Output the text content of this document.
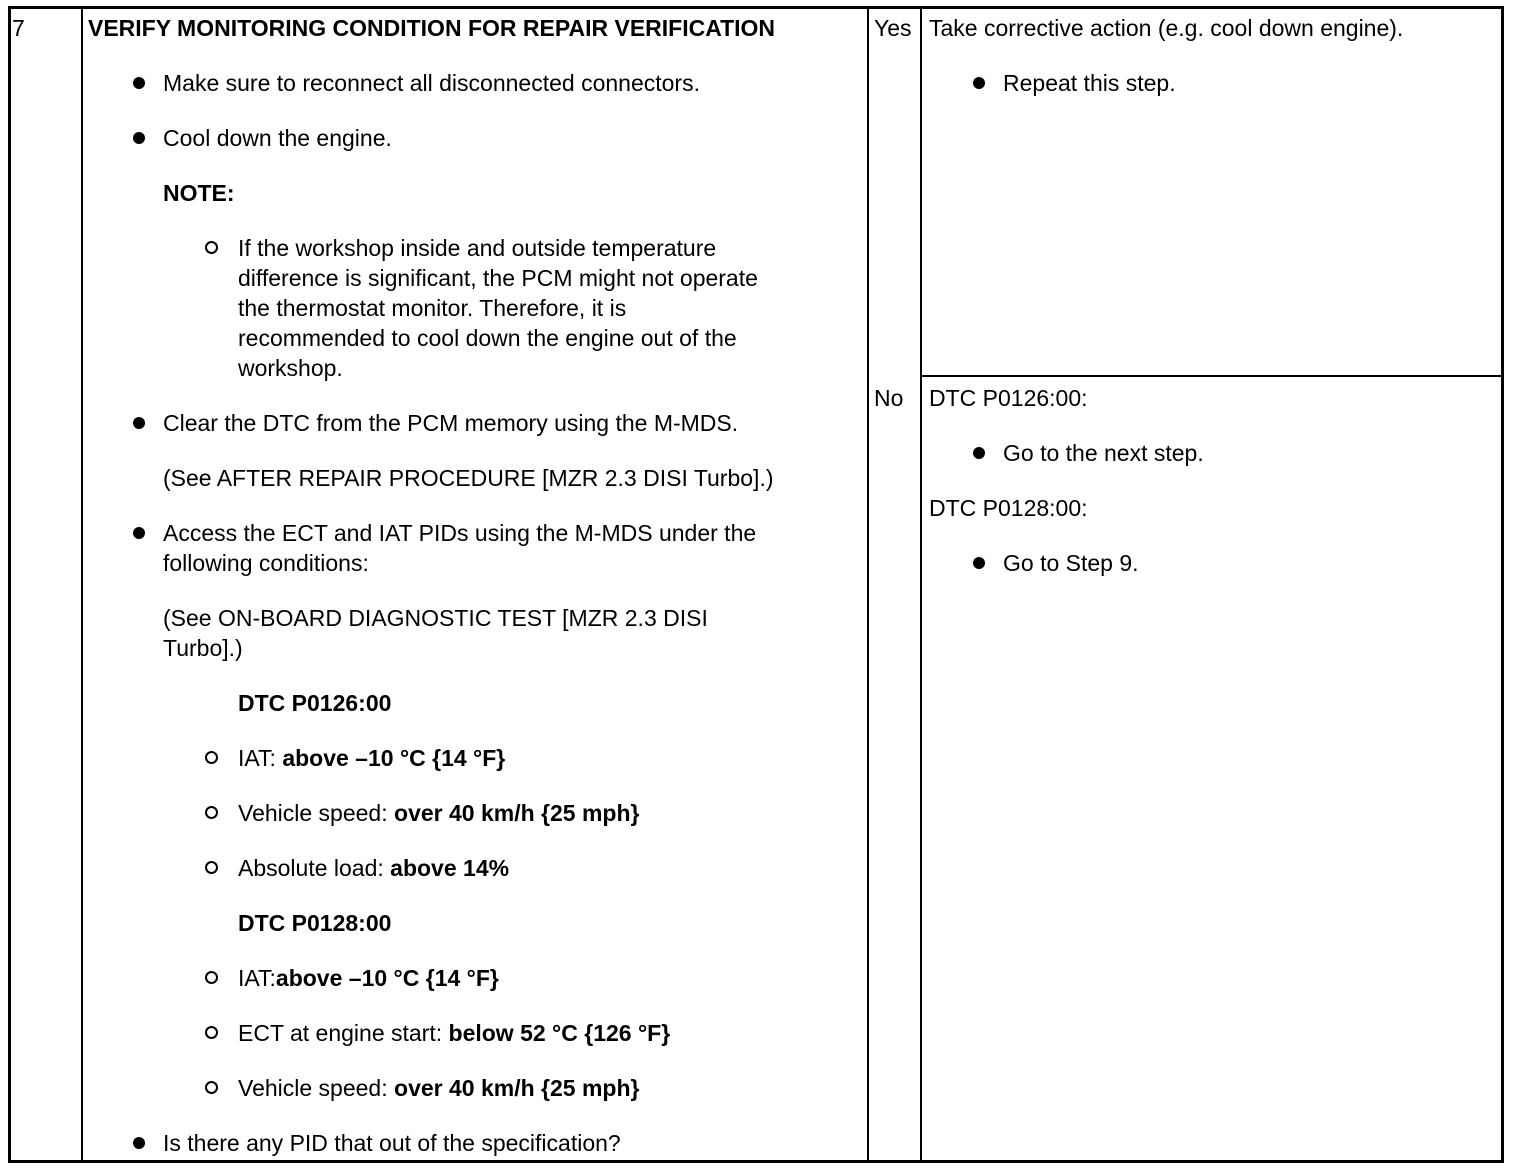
7	VERIFY MONITORING CONDITION FOR REPAIR VERIFICATION
Make sure to reconnect all disconnected connectors.
Cool down the engine.
NOTE:
If the workshop inside and outside temperature
difference is significant, the PCM might not operate
the thermostat monitor. Therefore, it is
recommended to cool down the engine out of the
workshop.
Clear the DTC from the PCM memory using the M-MDS.
(See AFTER REPAIR PROCEDURE [MZR 2.3 DISI Turbo].)
Access the ECT and IAT PIDs using the M-MDS under the
following conditions:
(See ON-BOARD DIAGNOSTIC TEST [MZR 2.3 DISI
Turbo].)
DTC P0126:00
IAT: above –10 °C {14 °F}
Vehicle speed: over 40 km/h {25 mph}
Absolute load: above 14%
DTC P0128:00
IAT:above –10 °C {14 °F}
ECT at engine start: below 52 °C {126 °F}
Vehicle speed: over 40 km/h {25 mph}
Is there any PID that out of the specification?
Yes
No
Take corrective action (e.g. cool down engine).
Repeat this step.
DTC P0126:00:
Go to the next step.
DTC P0128:00:
Go to Step 9.
